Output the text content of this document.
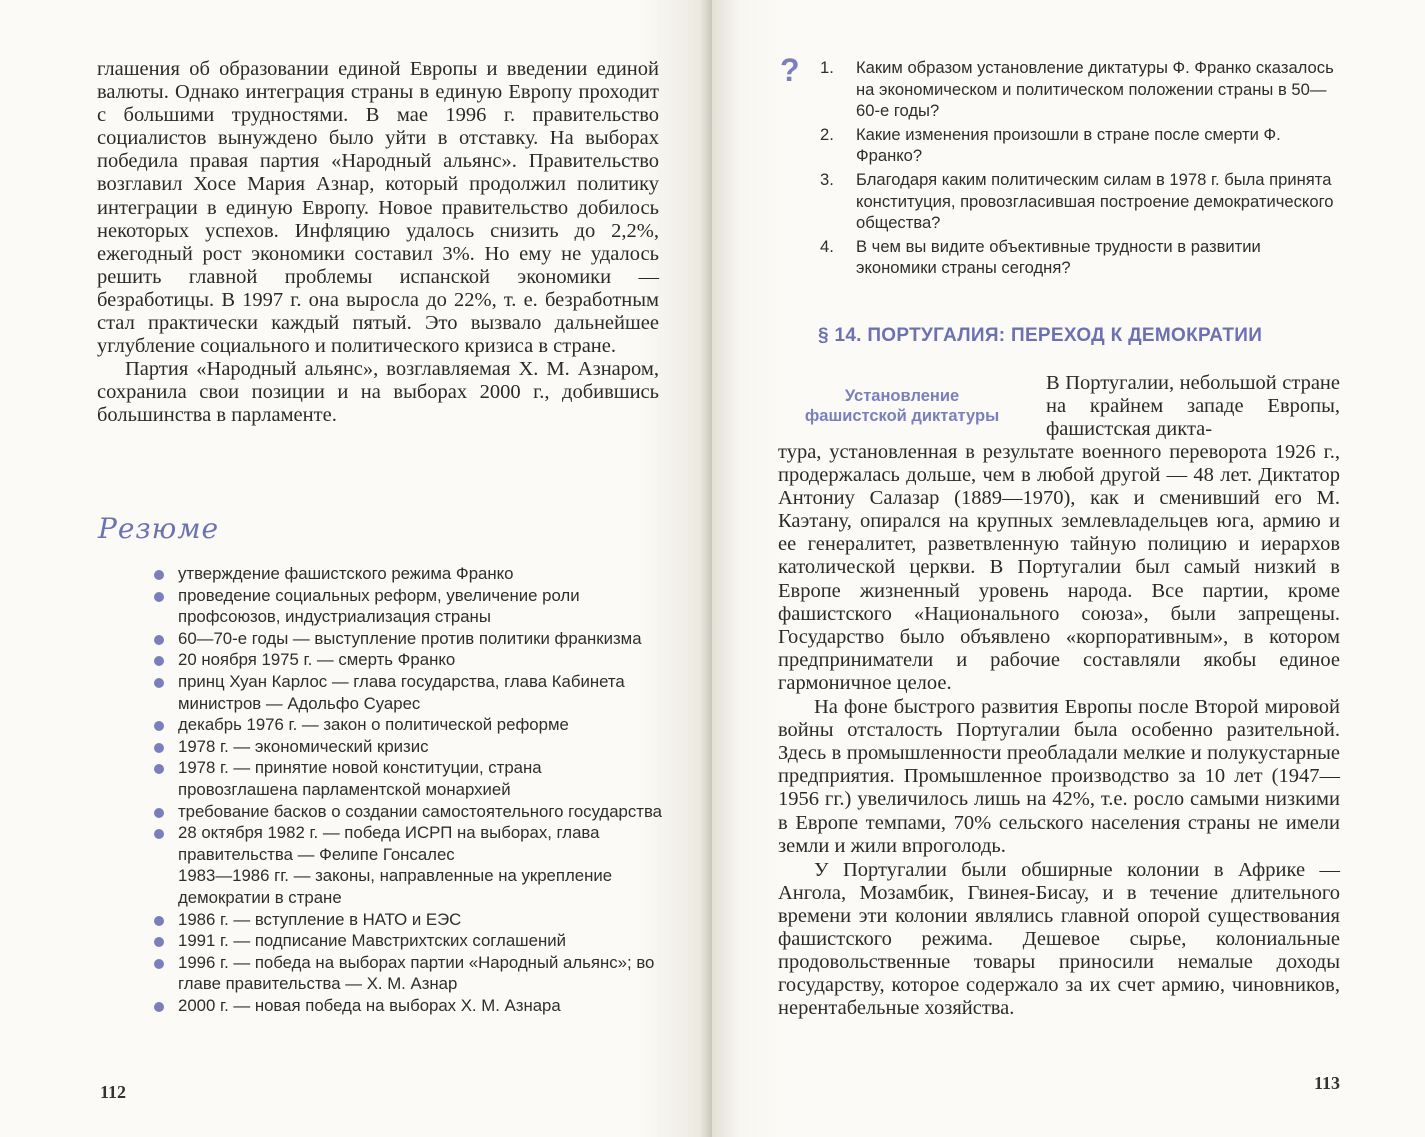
глашения об образовании единой Европы и введении единой валюты. Однако интеграция страны в единую Европу проходит с большими трудностями. В мае 1996 г. правительство социалистов вынуждено было уйти в отставку. На выборах победила правая партия «Народный альянс». Правительство возглавил Хосе Мария Азнар, который продолжил политику интеграции в единую Европу. Новое правительство добилось некоторых успехов. Инфляцию удалось снизить до 2,2%, ежегодный рост экономики составил 3%. Но ему не удалось решить главной проблемы испанской экономики — безработицы. В 1997 г. она выросла до 22%, т. е. безработным стал практически каждый пятый. Это вызвало дальнейшее углубление социального и политического кризиса в стране.

Партия «Народный альянс», возглавляемая Х. М. Азнаром, сохранила свои позиции и на выборах 2000 г., добившись большинства в парламенте.

Резюме
утверждение фашистского режима Франко
проведение социальных реформ, увеличение роли профсоюзов, индустриализация страны
60—70-е годы — выступление против политики франкизма
20 ноября 1975 г. — смерть Франко
принц Хуан Карлос — глава государства, глава Кабинета министров — Адольфо Суарес
декабрь 1976 г. — закон о политической реформе
1978 г. — экономический кризис
1978 г. — принятие новой конституции, страна провозглашена парламентской монархией
требование басков о создании самостоятельного государства
28 октября 1982 г. — победа ИСРП на выборах, глава правительства — Фелипе Гонсалес
1983—1986 гг. — законы, направленные на укрепление демократии в стране
1986 г. — вступление в НАТО и ЕЭС
1991 г. — подписание Мавстрихтских соглашений
1996 г. — победа на выборах партии «Народный альянс»; во главе правительства — Х. М. Азнар
2000 г. — новая победа на выборах Х. М. Азнара
112
? 1.	Каким образом установление диктатуры Ф. Франко сказалось на экономическом и политическом положении страны в 50—60-е годы?
2.	Какие изменения произошли в стране после смерти Ф. Франко?
3.	Благодаря каким политическим силам в 1978 г. была принята конституция, провозгласившая построение демократического общества?
4.	В чем вы видите объективные трудности в развитии экономики страны сегодня?
§ 14. ПОРТУГАЛИЯ: ПЕРЕХОД К ДЕМОКРАТИИ
Установление
фашистской диктатуры

В Португалии, небольшой стране на крайнем западе Европы, фашистская дикта-

тура, установленная в результате военного переворота 1926 г., продержалась дольше, чем в любой другой — 48 лет. Диктатор Антониу Салазар (1889—1970), как и сменивший его М. Каэтану, опирался на крупных землевладельцев юга, армию и ее генералитет, разветвленную тайную полицию и иерархов католической церкви. В Португалии был самый низкий в Европе жизненный уровень народа. Все партии, кроме фашистского «Национального союза», были запрещены. Государство было объявлено «корпоративным», в котором предприниматели и рабочие составляли якобы единое гармоничное целое.

На фоне быстрого развития Европы после Второй мировой войны отсталость Португалии была особенно разительной. Здесь в промышленности преобладали мелкие и полукустарные предприятия. Промышленное производство за 10 лет (1947—1956 гг.) увеличилось лишь на 42%, т.е. росло самыми низкими в Европе темпами, 70% сельского населения страны не имели земли и жили впроголодь.

У Португалии были обширные колонии в Африке — Ангола, Мозамбик, Гвинея-Бисау, и в течение длительного времени эти колонии являлись главной опорой существования фашистского режима. Дешевое сырье, колониальные продовольственные товары приносили немалые доходы государству, которое содержало за их счет армию, чиновников, нерентабельные хозяйства.

113
